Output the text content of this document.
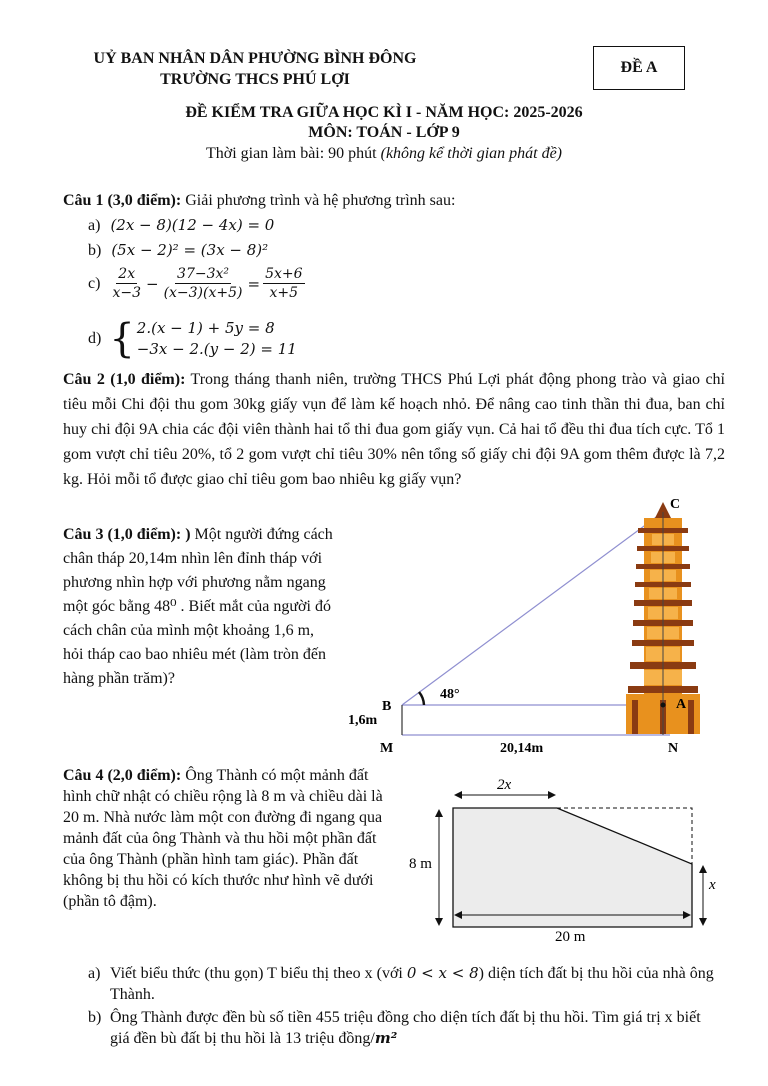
UỶ BAN NHÂN DÂN PHƯỜNG BÌNH ĐÔNG
TRƯỜNG THCS PHÚ LỢI
ĐỀ A
ĐỀ KIỂM TRA GIỮA HỌC KÌ I - NĂM HỌC: 2025-2026
MÔN: TOÁN - LỚP 9
Thời gian làm bài: 90 phút (không kể thời gian phát đề)
Câu 1 (3,0 điểm): Giải phương trình và hệ phương trình sau:
a) (2x − 8)(12 − 4x) = 0
b) (5x − 2)² = (3x − 8)²
$c) \frac{2x}{x-3} - \frac{\text{37−3x²}}{(x-3)(x+5)} = \frac{5x+6}{x+5}$
d) { 2.(x − 1) + 5y = 8
−3x − 2.(y − 2) = 11
Câu 2 (1,0 điểm): Trong tháng thanh niên, trường THCS Phú Lợi phát động phong trào và giao chỉ tiêu mỗi Chi đội thu gom 30kg giấy vụn để làm kế hoạch nhỏ. Để nâng cao tinh thần thi đua, ban chỉ huy chi đội 9A chia các đội viên thành hai tổ thi đua gom giấy vụn. Cả hai tổ đều thi đua tích cực. Tổ 1 gom vượt chỉ tiêu 20%, tổ 2 gom vượt chỉ tiêu 30% nên tổng số giấy chi đội 9A gom thêm được là 7,2 kg. Hỏi mỗi tổ được giao chỉ tiêu gom bao nhiêu kg giấy vụn?
Câu 3 (1,0 điểm): ) Một người đứng cách chân tháp 20,14m nhìn lên đỉnh tháp với phương nhìn hợp với phương nằm ngang một góc bằng 48⁰ . Biết mắt của người đó cách chân của mình một khoảng 1,6 m, hỏi tháp cao bao nhiêu mét (làm tròn đến hàng phần trăm)?
C
B	A
M	N
48°
1,6m
20,14m
Câu 4 (2,0 điểm): Ông Thành có một mảnh đất hình chữ nhật có chiều rộng là 8 m và chiều dài là 20 m. Nhà nước làm một con đường đi ngang qua mảnh đất của ông Thành và thu hồi một phần đất của ông Thành (phần hình tam giác). Phần đất không bị thu hồi có kích thước như hình vẽ dưới (phần tô đậm).
2x
8 m
x
20 m
a) Viết biểu thức (thu gọn) T biểu thị theo x (với 0 < x < 8) diện tích đất bị thu hồi của nhà ông Thành.
b) Ông Thành được đền bù số tiền 455 triệu đồng cho diện tích đất bị thu hồi. Tìm giá trị x biết giá đền bù đất bị thu hồi là 13 triệu đồng/m²
